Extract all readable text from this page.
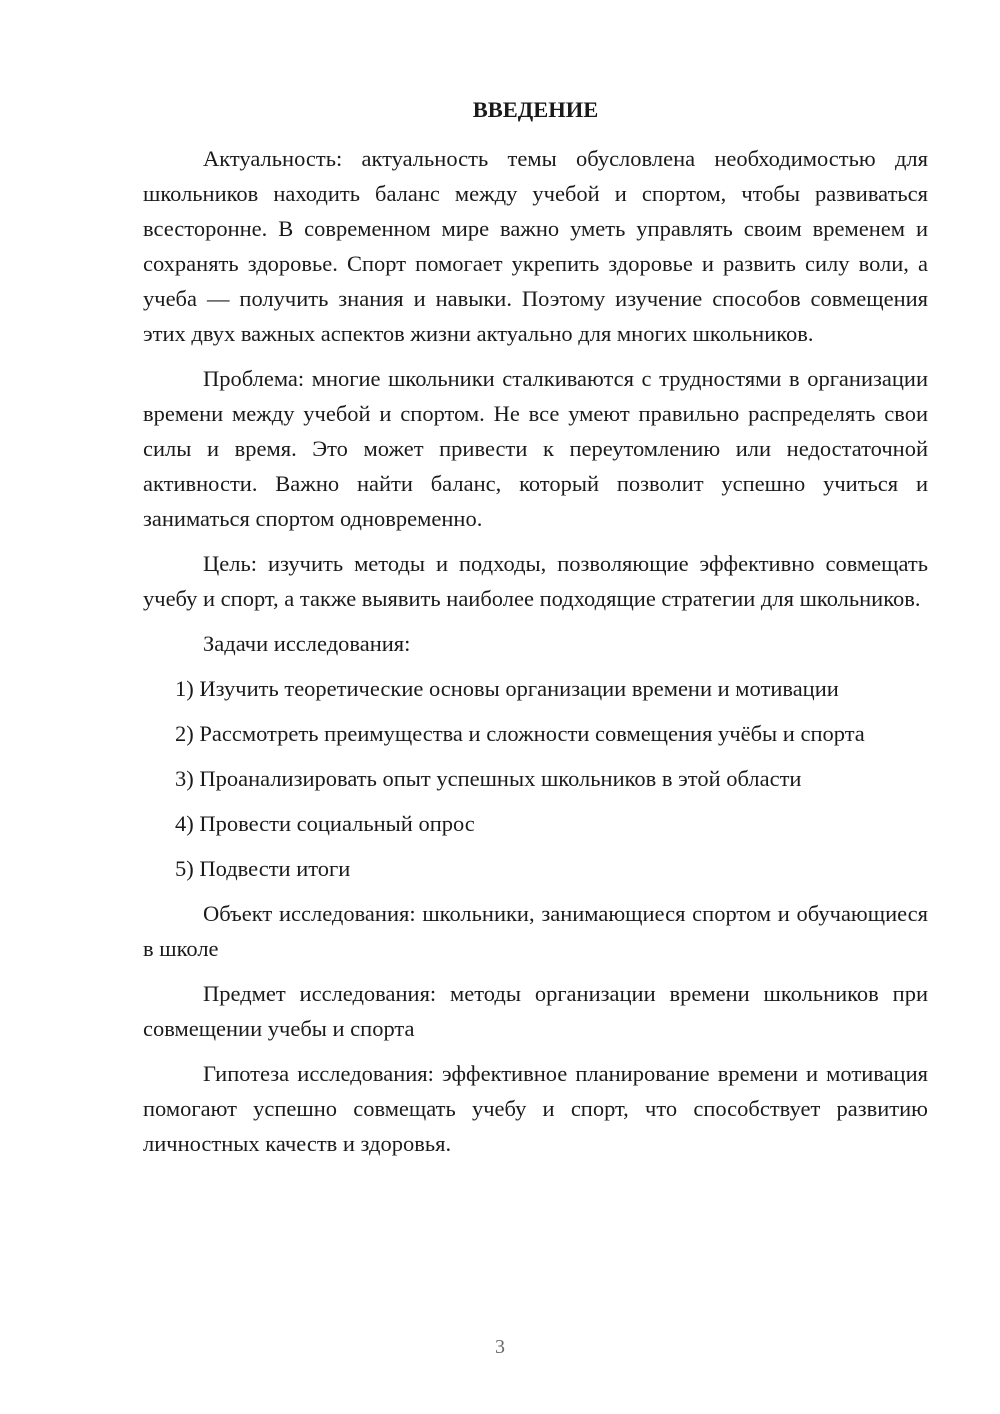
ВВЕДЕНИЕ

Актуальность: актуальность темы обусловлена необходимостью для школьников находить баланс между учебой и спортом, чтобы развиваться всесторонне. В современном мире важно уметь управлять своим временем и сохранять здоровье. Спорт помогает укрепить здоровье и развить силу воли, а учеба — получить знания и навыки. Поэтому изучение способов совмещения этих двух важных аспектов жизни актуально для многих школьников.

Проблема: многие школьники сталкиваются с трудностями в организации времени между учебой и спортом. Не все умеют правильно распределять свои силы и время. Это может привести к переутомлению или недостаточной активности. Важно найти баланс, который позволит успешно учиться и заниматься спортом одновременно.

Цель: изучить методы и подходы, позволяющие эффективно совмещать учебу и спорт, а также выявить наиболее подходящие стратегии для школьников.

Задачи исследования:

1) Изучить теоретические основы организации времени и мотивации
2) Рассмотреть преимущества и сложности совмещения учёбы и спорта
3) Проанализировать опыт успешных школьников в этой области
4) Провести социальный опрос
5) Подвести итоги

Объект исследования: школьники, занимающиеся спортом и обучающиеся в школе

Предмет исследования: методы организации времени школьников при совмещении учебы и спорта

Гипотеза исследования: эффективное планирование времени и мотивация помогают успешно совмещать учебу и спорт, что способствует развитию личностных качеств и здоровья.

3
